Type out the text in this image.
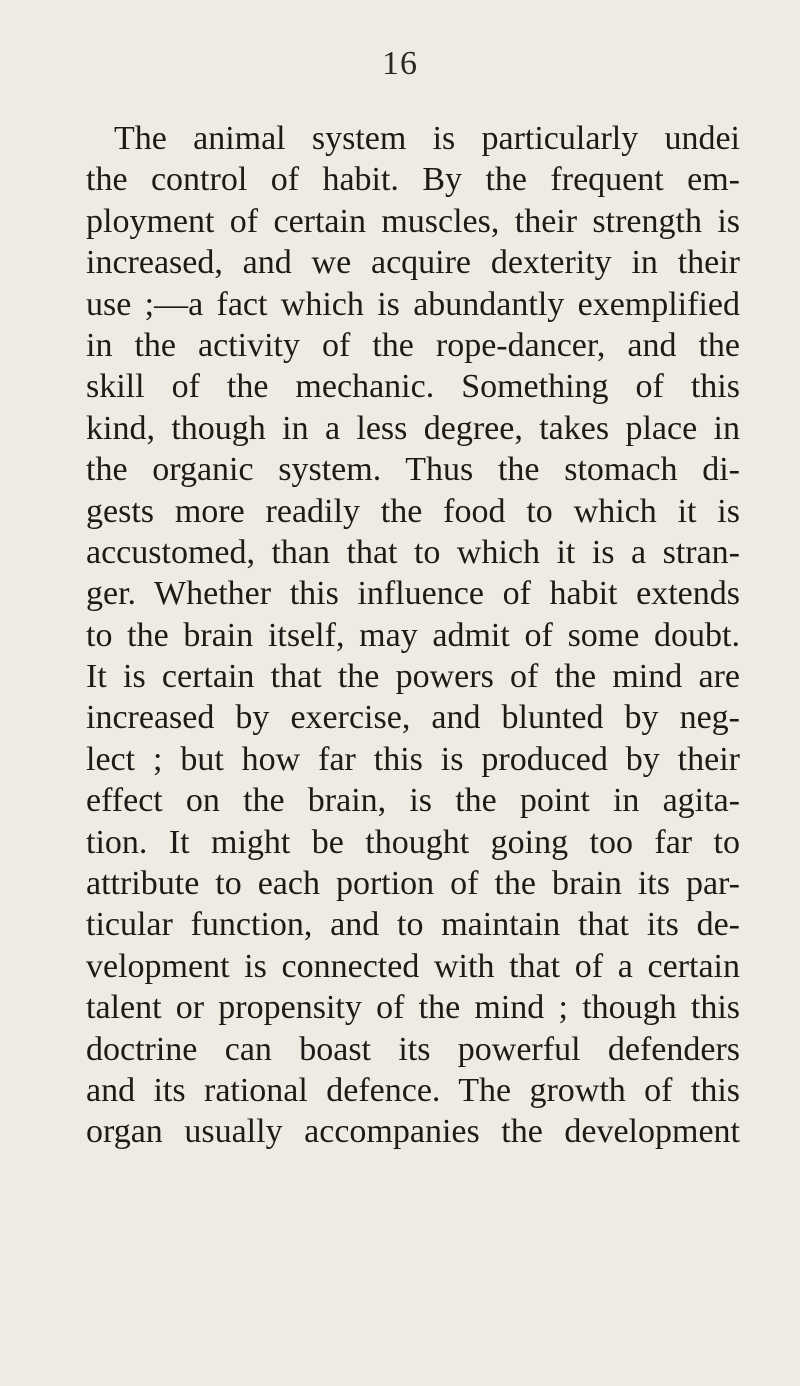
16
The animal system is particularly undei
the control of habit. By the frequent em-
ployment of certain muscles, their strength is
increased, and we acquire dexterity in their
use ;—a fact which is abundantly exemplified
in the activity of the rope-dancer, and the
skill of the mechanic. Something of this
kind, though in a less degree, takes place in
the organic system. Thus the stomach di-
gests more readily the food to which it is
accustomed, than that to which it is a stran-
ger. Whether this influence of habit extends
to the brain itself, may admit of some doubt.
It is certain that the powers of the mind are
increased by exercise, and blunted by neg-
lect ; but how far this is produced by their
effect on the brain, is the point in agita-
tion. It might be thought going too far to
attribute to each portion of the brain its par-
ticular function, and to maintain that its de-
velopment is connected with that of a certain
talent or propensity of the mind ; though this
doctrine can boast its powerful defenders
and its rational defence. The growth of this
organ usually accompanies the development
